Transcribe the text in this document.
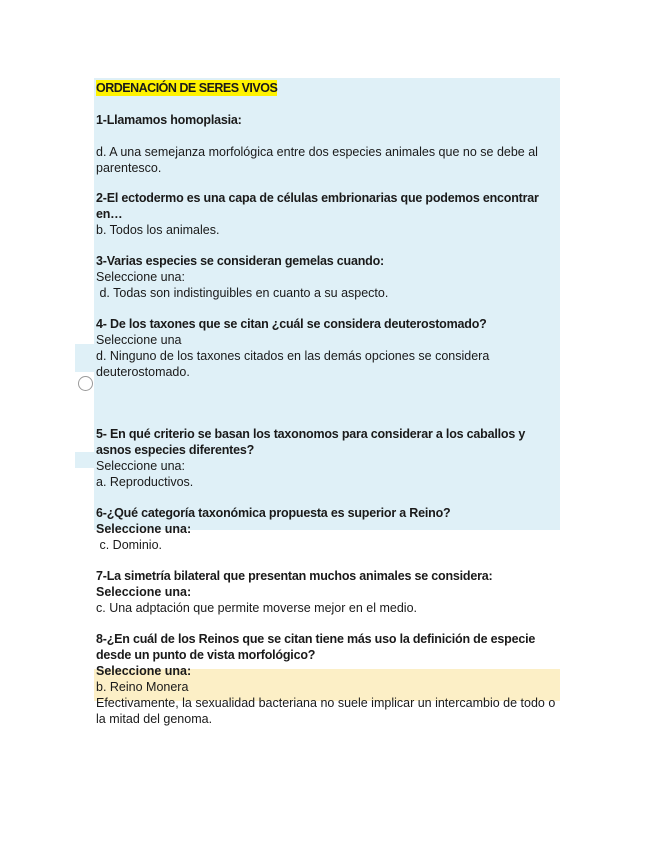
ORDENACIÓN DE SERES VIVOS
1-Llamamos homoplasia:
d. A una semejanza morfológica entre dos especies animales que no se debe al parentesco.
2-El ectodermo es una capa de células embrionarias que podemos encontrar en…
b. Todos los animales.
3-Varias especies se consideran gemelas cuando:
Seleccione una:
d. Todas son indistinguibles en cuanto a su aspecto.
4- De los taxones que se citan ¿cuál se considera deuterostomado?
Seleccione una
d. Ninguno de los taxones citados en las demás opciones se considera deuterostomado.
5- En qué criterio se basan los taxonomos para considerar a los caballos y asnos especies diferentes?
Seleccione una:
a. Reproductivos.
6-¿Qué categoría taxonómica propuesta es superior a Reino?
Seleccione una:
c. Dominio.
7-La simetría bilateral que presentan muchos animales se considera:
Seleccione una:
c. Una adptación que permite moverse mejor en el medio.
8-¿En cuál de los Reinos que se citan tiene más uso la definición de especie desde un punto de vista morfológico?
Seleccione una:
b. Reino Monera
Efectivamente, la sexualidad bacteriana no suele implicar un intercambio de todo o la mitad del genoma.
